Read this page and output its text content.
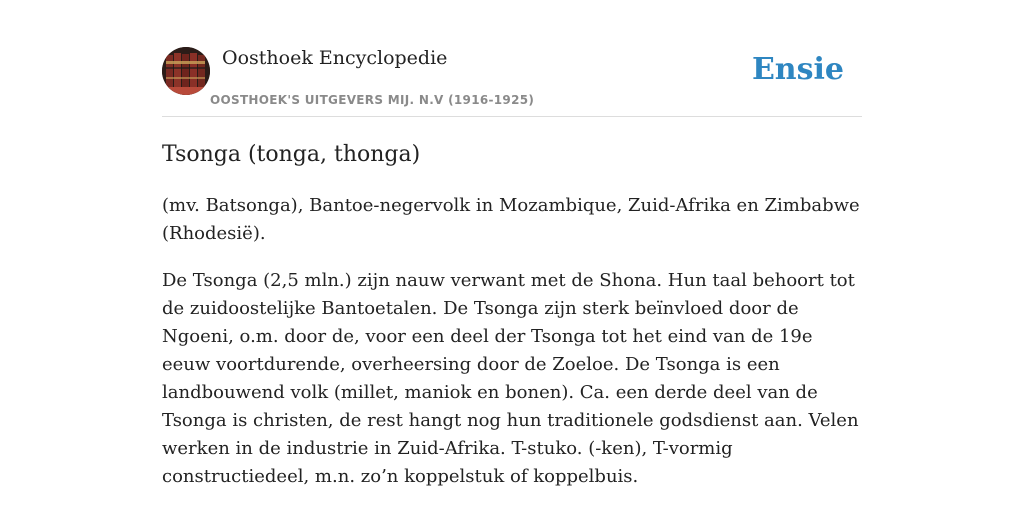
Oosthoek Encyclopedie
OOSTHOEK'S UITGEVERS MIJ. N.V (1916-1925)
Ensie
Tsonga (tonga, thonga)

(mv. Batsonga), Bantoe-negervolk in Mozambique, Zuid-Afrika en Zimbabwe (Rhodesië).

De Tsonga (2,5 mln.) zijn nauw verwant met de Shona. Hun taal behoort tot de zuidoostelijke Bantoetalen. De Tsonga zijn sterk beïnvloed door de Ngoeni, o.m. door de, voor een deel der Tsonga tot het eind van de 19e eeuw voortdurende, overheersing door de Zoeloe. De Tsonga is een landbouwend volk (millet, maniok en bonen). Ca. een derde deel van de Tsonga is christen, de rest hangt nog hun traditionele godsdienst aan. Velen werken in de industrie in Zuid-Afrika. T-stuko. (-ken), T-vormig constructiedeel, m.n. zo’n koppelstuk of koppelbuis.
